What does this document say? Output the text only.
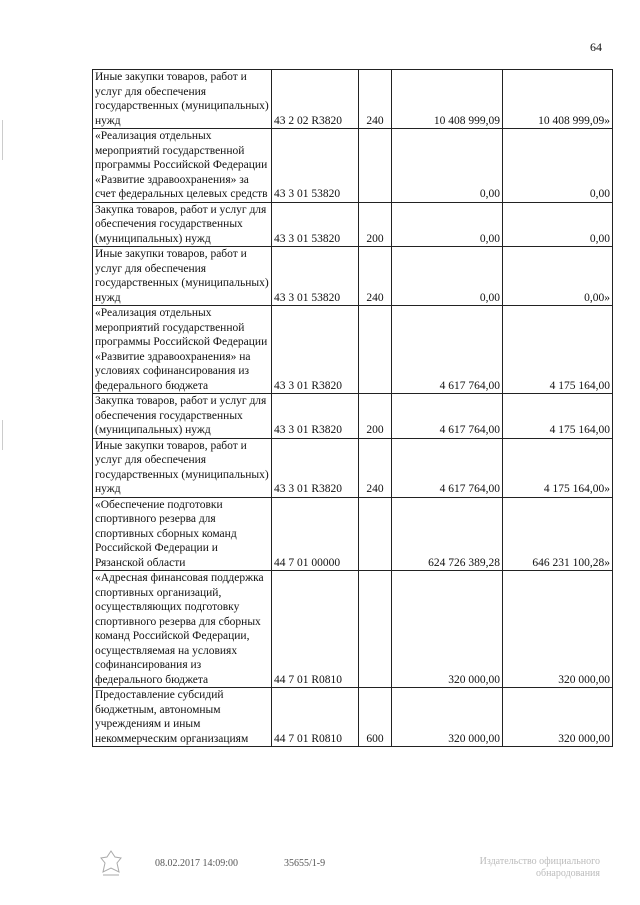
64
Иные закупки товаров, работ и услуг для обеспечения государственных (муниципальных) нужд	43 2 02 R3820	240	10 408 999,09	10 408 999,09»
«Реализация отдельных мероприятий государственной программы Российской Федерации «Развитие здравоохранения» за счет федеральных целевых средств	43 3 01 53820		0,00	0,00
Закупка товаров, работ и услуг для обеспечения государственных (муниципальных) нужд	43 3 01 53820	200	0,00	0,00
Иные закупки товаров, работ и услуг для обеспечения государственных (муниципальных) нужд	43 3 01 53820	240	0,00	0,00»
«Реализация отдельных мероприятий государственной программы Российской Федерации «Развитие здравоохранения» на условиях софинансирования из федерального бюджета	43 3 01 R3820		4 617 764,00	4 175 164,00
Закупка товаров, работ и услуг для обеспечения государственных (муниципальных) нужд	43 3 01 R3820	200	4 617 764,00	4 175 164,00
Иные закупки товаров, работ и услуг для обеспечения государственных (муниципальных) нужд	43 3 01 R3820	240	4 617 764,00	4 175 164,00»
«Обеспечение подготовки спортивного резерва для спортивных сборных команд Российской Федерации и Рязанской области	44 7 01 00000		624 726 389,28	646 231 100,28»
«Адресная финансовая поддержка спортивных организаций, осуществляющих подготовку спортивного резерва для сборных команд Российской Федерации, осуществляемая на условиях софинансирования из федерального бюджета	44 7 01 R0810		320 000,00	320 000,00
Предоставление субсидий бюджетным, автономным учреждениям и иным некоммерческим организациям	44 7 01 R0810	600	320 000,00	320 000,00
08.02.2017 14:09:00	35655/1-9	Издательство официального
обнародования
